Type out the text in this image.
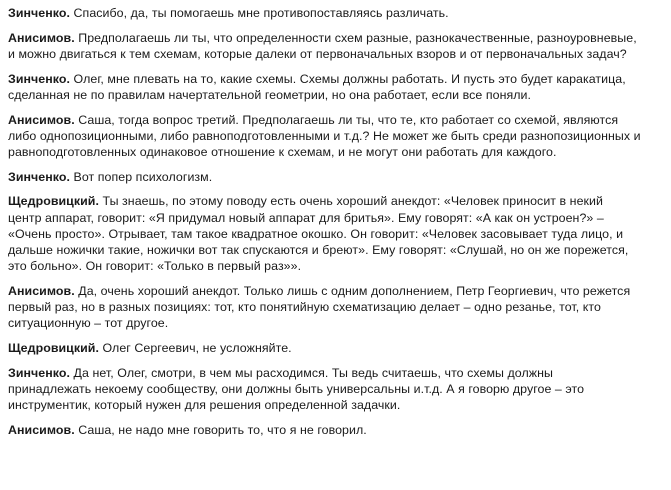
Зинченко. Спасибо, да, ты помогаешь мне противопоставляясь различать.

Анисимов. Предполагаешь ли ты, что определенности схем разные, разнокачественные, разноуровневые,
и можно двигаться к тем схемам, которые далеки от первоначальных взоров и от первоначальных задач?

Зинченко. Олег, мне плевать на то, какие схемы. Схемы должны работать. И пусть это будет каракатица,
сделанная не по правилам начертательной геометрии, но она работает, если все поняли.

Анисимов. Саша, тогда вопрос третий. Предполагаешь ли ты, что те, кто работает со схемой, являются
либо однопозиционными, либо равноподготовленными и т.д.? Не может же быть среди разнопозиционных и
равноподготовленных одинаковое отношение к схемам, и не могут они работать для каждого.

Зинченко. Вот попер психологизм.

Щедровицкий. Ты знаешь, по этому поводу есть очень хороший анекдот: «Человек приносит в некий
центр аппарат, говорит: «Я придумал новый аппарат для бритья». Ему говорят: «А как он устроен?» –
«Очень просто». Отрывает, там такое квадратное окошко. Он говорит: «Человек засовывает туда лицо, и
дальше ножички такие, ножички вот так спускаются и бреют». Ему говорят: «Слушай, но он же порежется,
это больно». Он говорит: «Только в первый раз»».

Анисимов. Да, очень хороший анекдот. Только лишь с одним дополнением, Петр Георгиевич, что режется
первый раз, но в разных позициях: тот, кто понятийную схематизацию делает – одно резанье, тот, кто
ситуационную – тот другое.

Щедровицкий. Олег Сергеевич, не усложняйте.

Зинченко. Да нет, Олег, смотри, в чем мы расходимся. Ты ведь считаешь, что схемы должны
принадлежать некоему сообществу, они должны быть универсальны и.т.д. А я говорю другое – это
инструментик, который нужен для решения определенной задачки.

Анисимов. Саша, не надо мне говорить то, что я не говорил.
